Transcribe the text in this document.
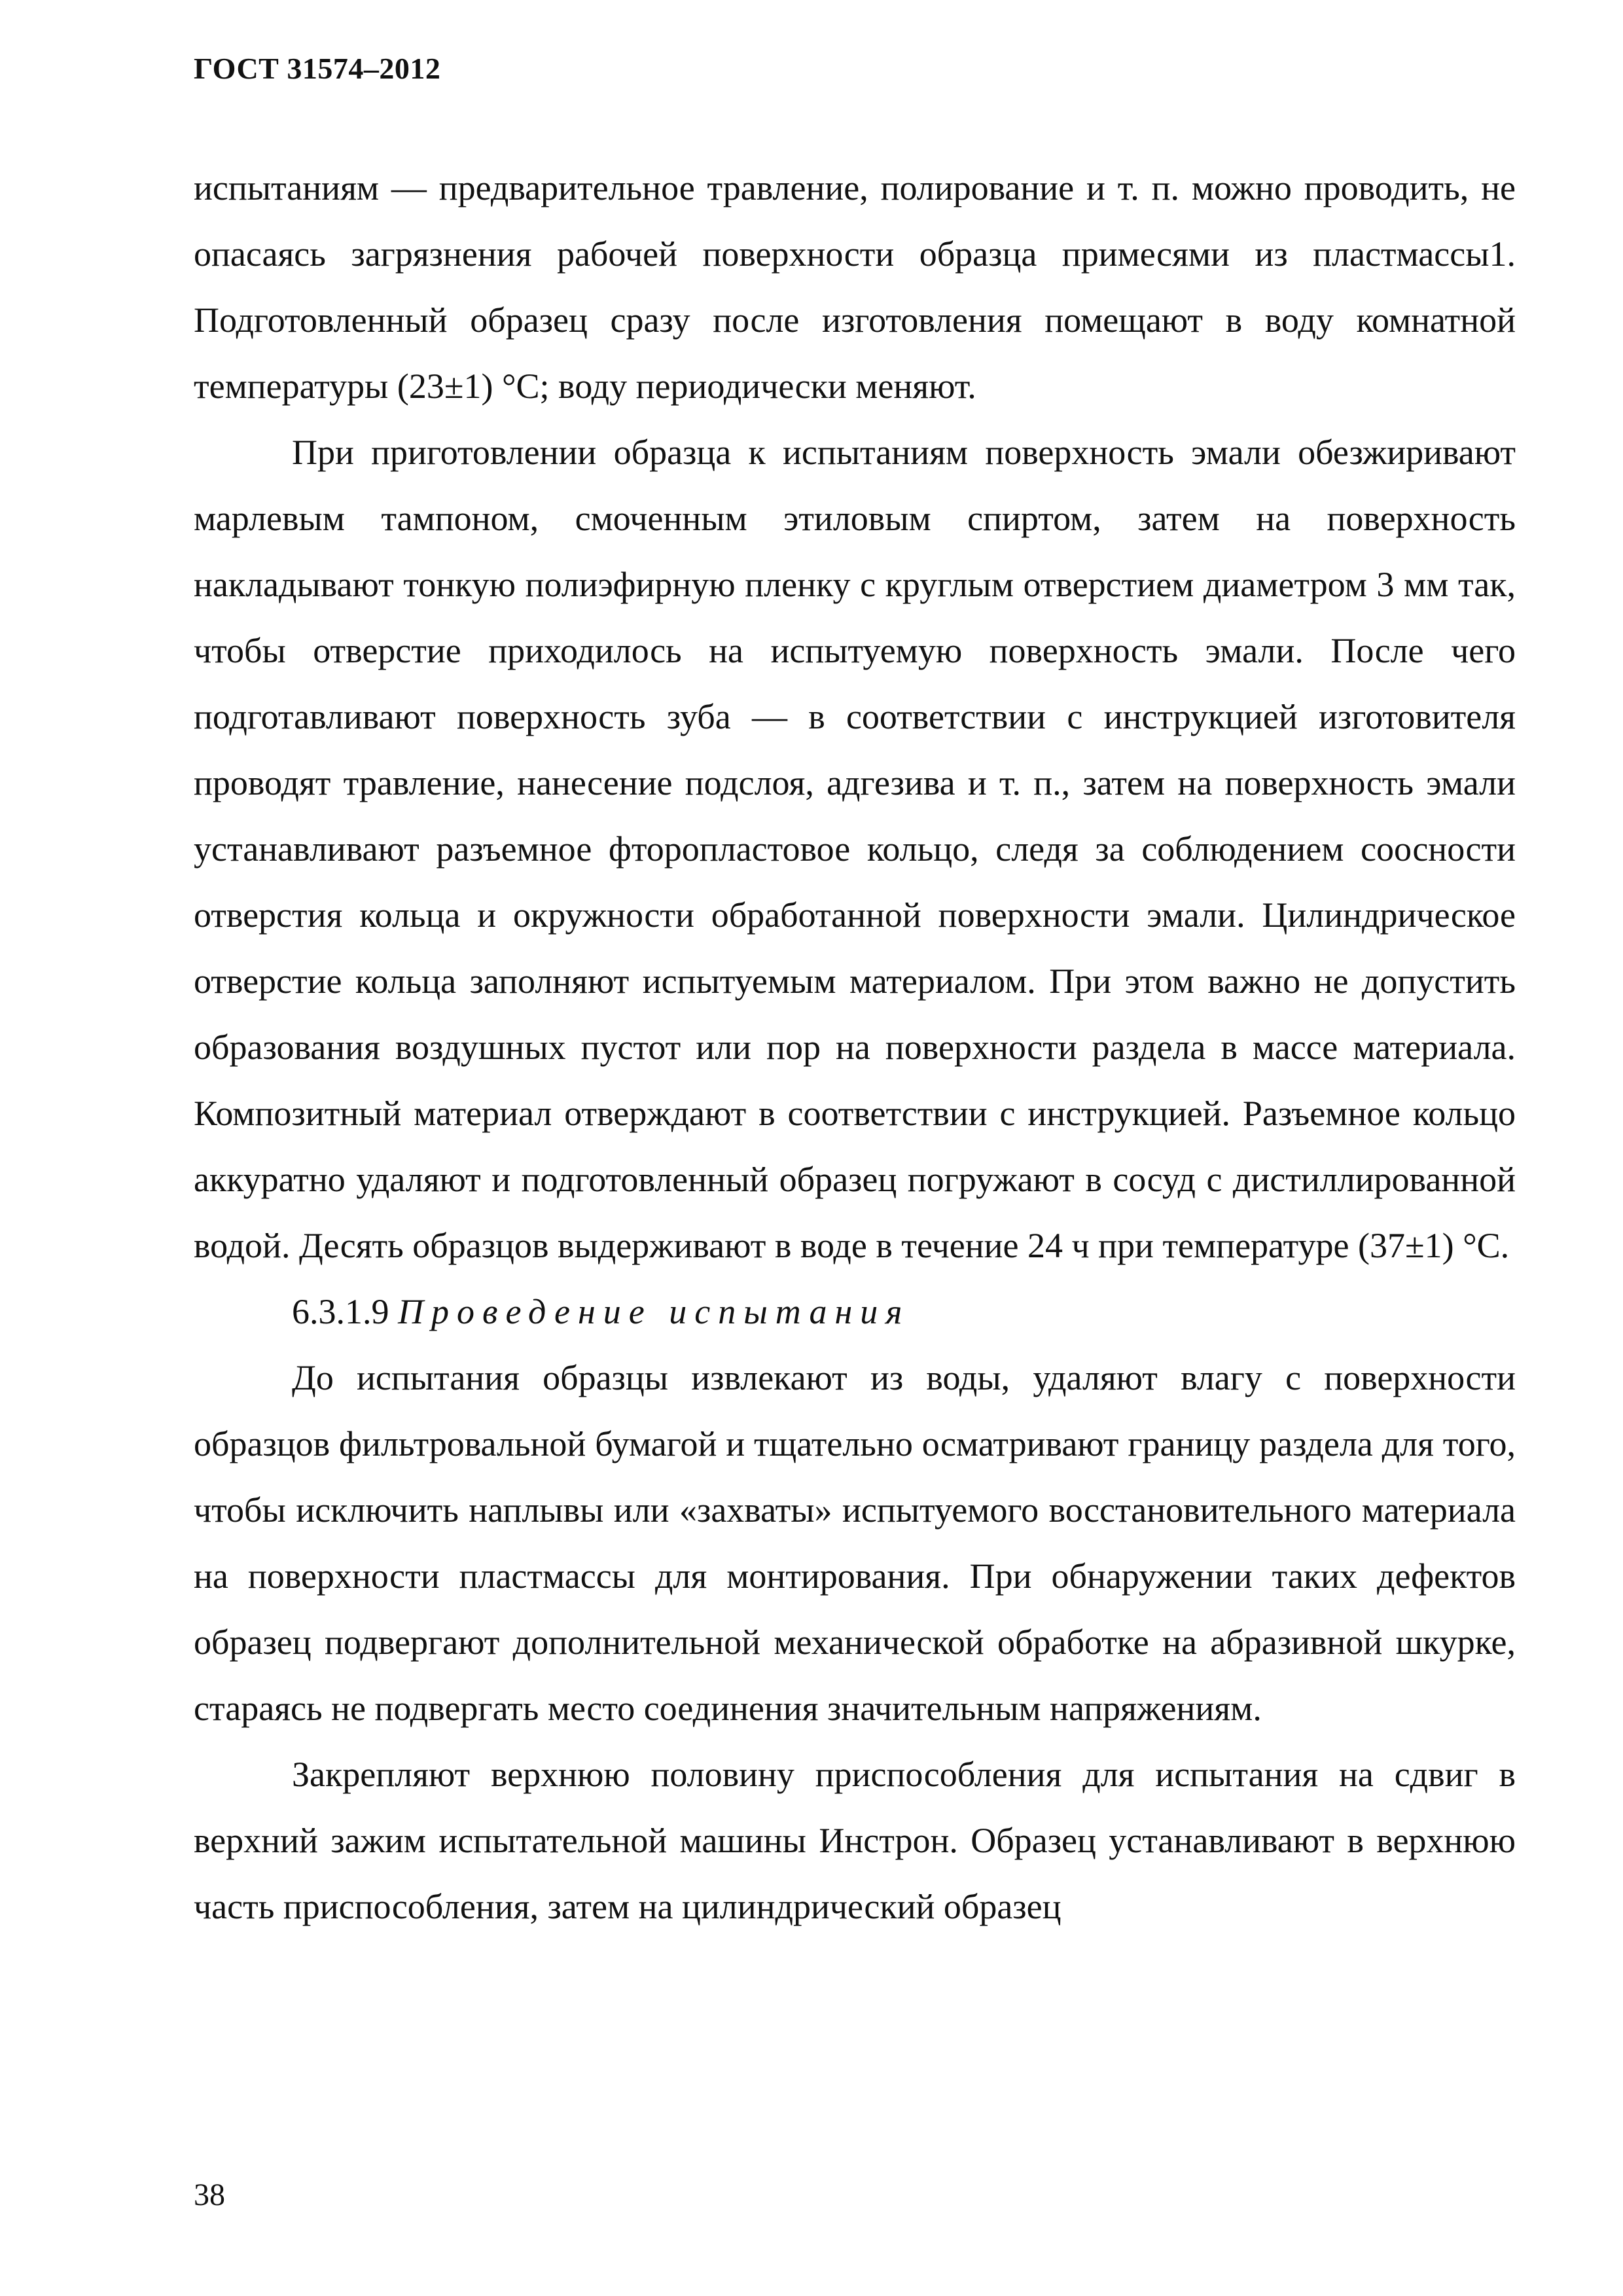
ГОСТ 31574–2012

испытаниям — предварительное травление, полирование и т. п. можно проводить, не опасаясь загрязнения рабочей поверхности образца примесями из пластмассы1. Подготовленный образец сразу после изготовления помещают в воду комнатной температуры (23±1) °С; воду периодически меняют.

При приготовлении образца к испытаниям поверхность эмали обезжиривают марлевым тампоном, смоченным этиловым спиртом, затем на поверхность накладывают тонкую полиэфирную пленку с круглым отверстием диаметром 3 мм так, чтобы отверстие приходилось на испытуемую поверхность эмали. После чего подготавливают поверхность зуба — в соответствии с инструкцией изготовителя проводят травление, нанесение подслоя, адгезива и т. п., затем на поверхность эмали устанавливают разъемное фторопластовое кольцо, следя за соблюдением соосности отверстия кольца и окружности обработанной поверхности эмали. Цилиндрическое отверстие кольца заполняют испытуемым материалом. При этом важно не допустить образования воздушных пустот или пор на поверхности раздела в массе материала. Композитный материал отверждают в соответствии с инструкцией. Разъемное кольцо аккуратно удаляют и подготовленный образец погружают в сосуд с дистиллированной водой. Десять образцов выдерживают в воде в течение 24 ч при температуре (37±1) °С.

6.3.1.9 Проведение испытания

До испытания образцы извлекают из воды, удаляют влагу с поверхности образцов фильтровальной бумагой и тщательно осматривают границу раздела для того, чтобы исключить наплывы или «захваты» испытуемого восстановительного материала на поверхности пластмассы для монтирования. При обнаружении таких дефектов образец подвергают дополнительной механической обработке на абразивной шкурке, стараясь не подвергать место соединения значительным напряжениям.

Закрепляют верхнюю половину приспособления для испытания на сдвиг в верхний зажим испытательной машины Инстрон. Образец устанавливают в верхнюю часть приспособления, затем на цилиндрический образец

38
